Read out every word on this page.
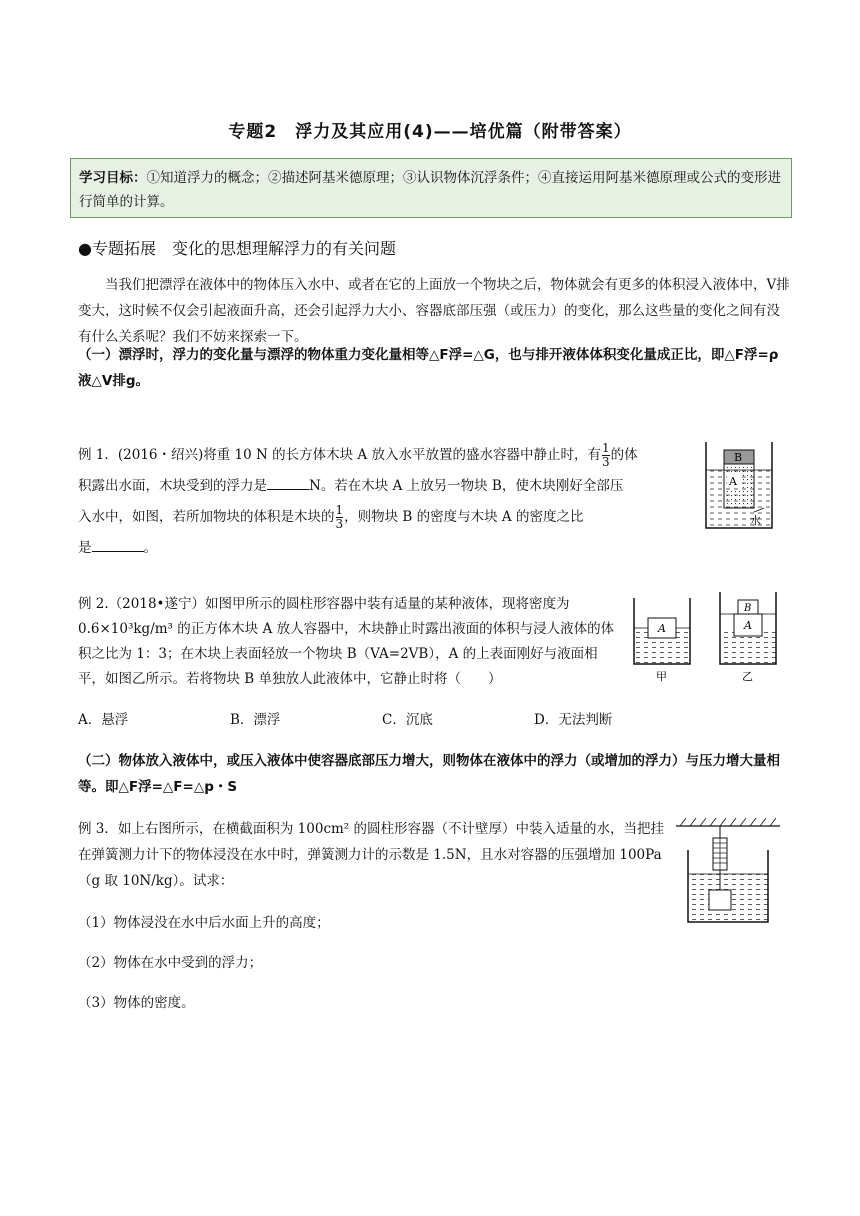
专题2　浮力及其应用(4)——培优篇（附带答案）
学习目标：①知道浮力的概念；②描述阿基米德原理；③认识物体沉浮条件；④直接运用阿基米德原理或公式的变形进行简单的计算。
●专题拓展　变化的思想理解浮力的有关问题
当我们把漂浮在液体中的物体压入水中、或者在它的上面放一个物块之后，物体就会有更多的体积浸入液体中，V排变大，这时候不仅会引起液面升高，还会引起浮力大小、容器底部压强（或压力）的变化，那么这些量的变化之间有没有什么关系呢？我们不妨来探索一下。
（一）漂浮时，浮力的变化量与漂浮的物体重力变化量相等△F浮=△G，也与排开液体体积变化量成正比，即△F浮=ρ液△V排g。
例 1．(2016・绍兴)将重 10 N 的长方体木块 A 放入水平放置的盛水容器中静止时，有 $\frac{1}{3}$ 的体
积露出水面，木块受到的浮力是	N。若在木块 A 上放另一物块 B，使木块刚好全部压
入水中，如图，若所加物块的体积是木块的 $\frac{1}{3}$ ，则物块 B 的密度与木块 A 的密度之比
是	。
B
A
水
例 2.（2018•遂宁）如图甲所示的圆柱形容器中装有适量的某种液体，现将密度为 0.6×10³kg/m³ 的正方体木块 A 放人容器中，木块静止时露出液面的体积与浸人液体的体积之比为 1：3；在木块上表面轻放一个物块 B（VA=2VB），A 的上表面刚好与液面相平，如图乙所示。若将物块 B 单独放人此液体中，它静止时将（　　）
A
甲
B
A
乙
A．悬浮	B．漂浮	C．沉底	D．无法判断
（二）物体放入液体中，或压入液体中使容器底部压力增大，则物体在液体中的浮力（或增加的浮力）与压力增大量相等。即△F浮=△F=△p・S
例 3．如上右图所示，在横截面积为 100cm² 的圆柱形容器（不计壁厚）中装入适量的水，当把挂在弹簧测力计下的物体浸没在水中时，弹簧测力计的示数是 1.5N，且水对容器的压强增加 100Pa（g 取 10N/kg）。试求：
（1）物体浸没在水中后水面上升的高度；
（2）物体在水中受到的浮力；
（3）物体的密度。
